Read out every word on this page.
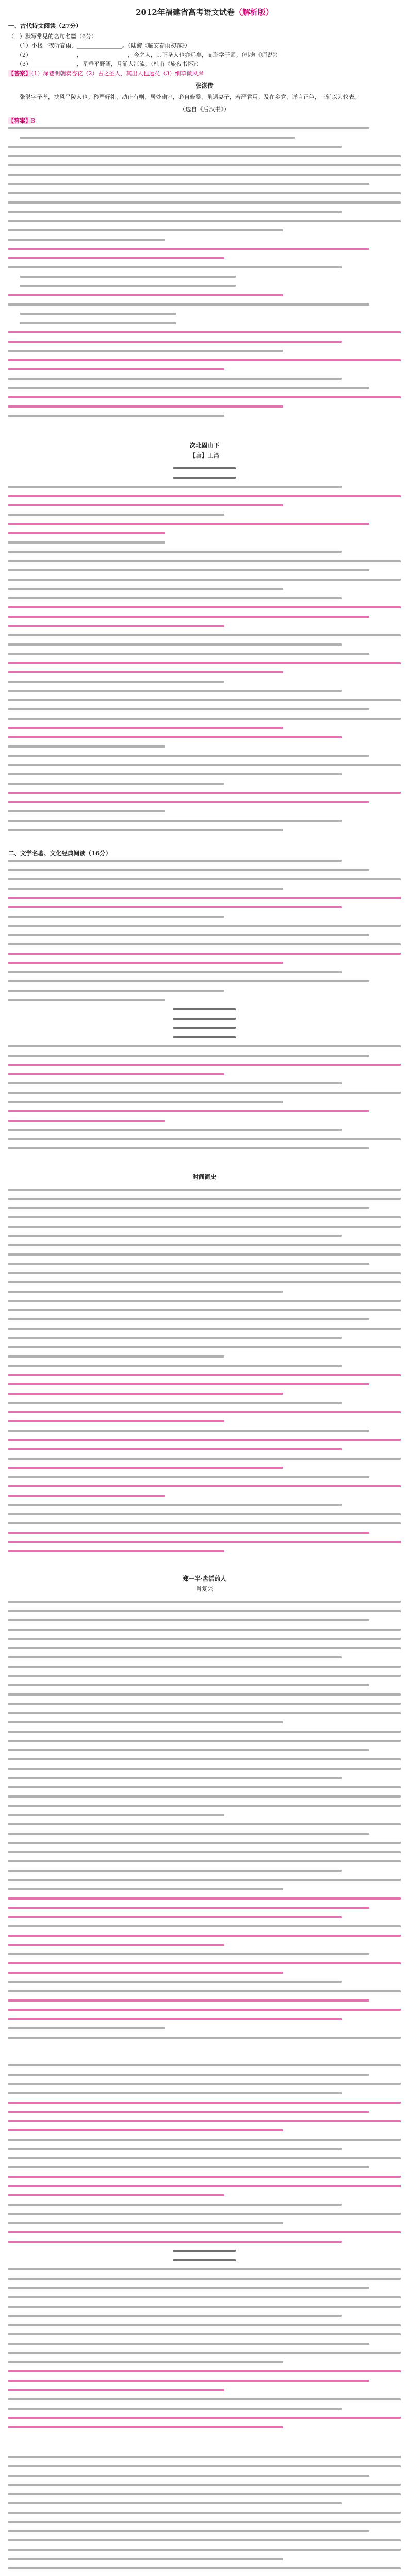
2012年福建省高考语文试卷（解析版）
一、古代诗文阅读（27分）
（一）默写常见的名句名篇（6分）
（1）小楼一夜听春雨，________________。（陆游《临安春雨初霁》）
（2）________________，________________，今之人，其下圣人也亦远矣，而耻学于师。（韩愈《师说》）
（3）________________，星垂平野阔，月涌大江流。（杜甫《旅夜书怀》）
【答案】（1）深巷明朝卖杏花（2）古之圣人，其出人也远矣（3）细草微风岸
张湛传
张湛字子孝，扶风平陵人也。矜严好礼，动止有则，居处幽室，必自修整，虽遇妻子，若严君焉。及在乡党，详言正色，三辅以为仪表。
（选自《后汉书》）
【答案】B
次北固山下
【唐】王湾
二、文学名著、文化经典阅读（16分）
时间简史
郑一半·盘活的人
肖复兴
